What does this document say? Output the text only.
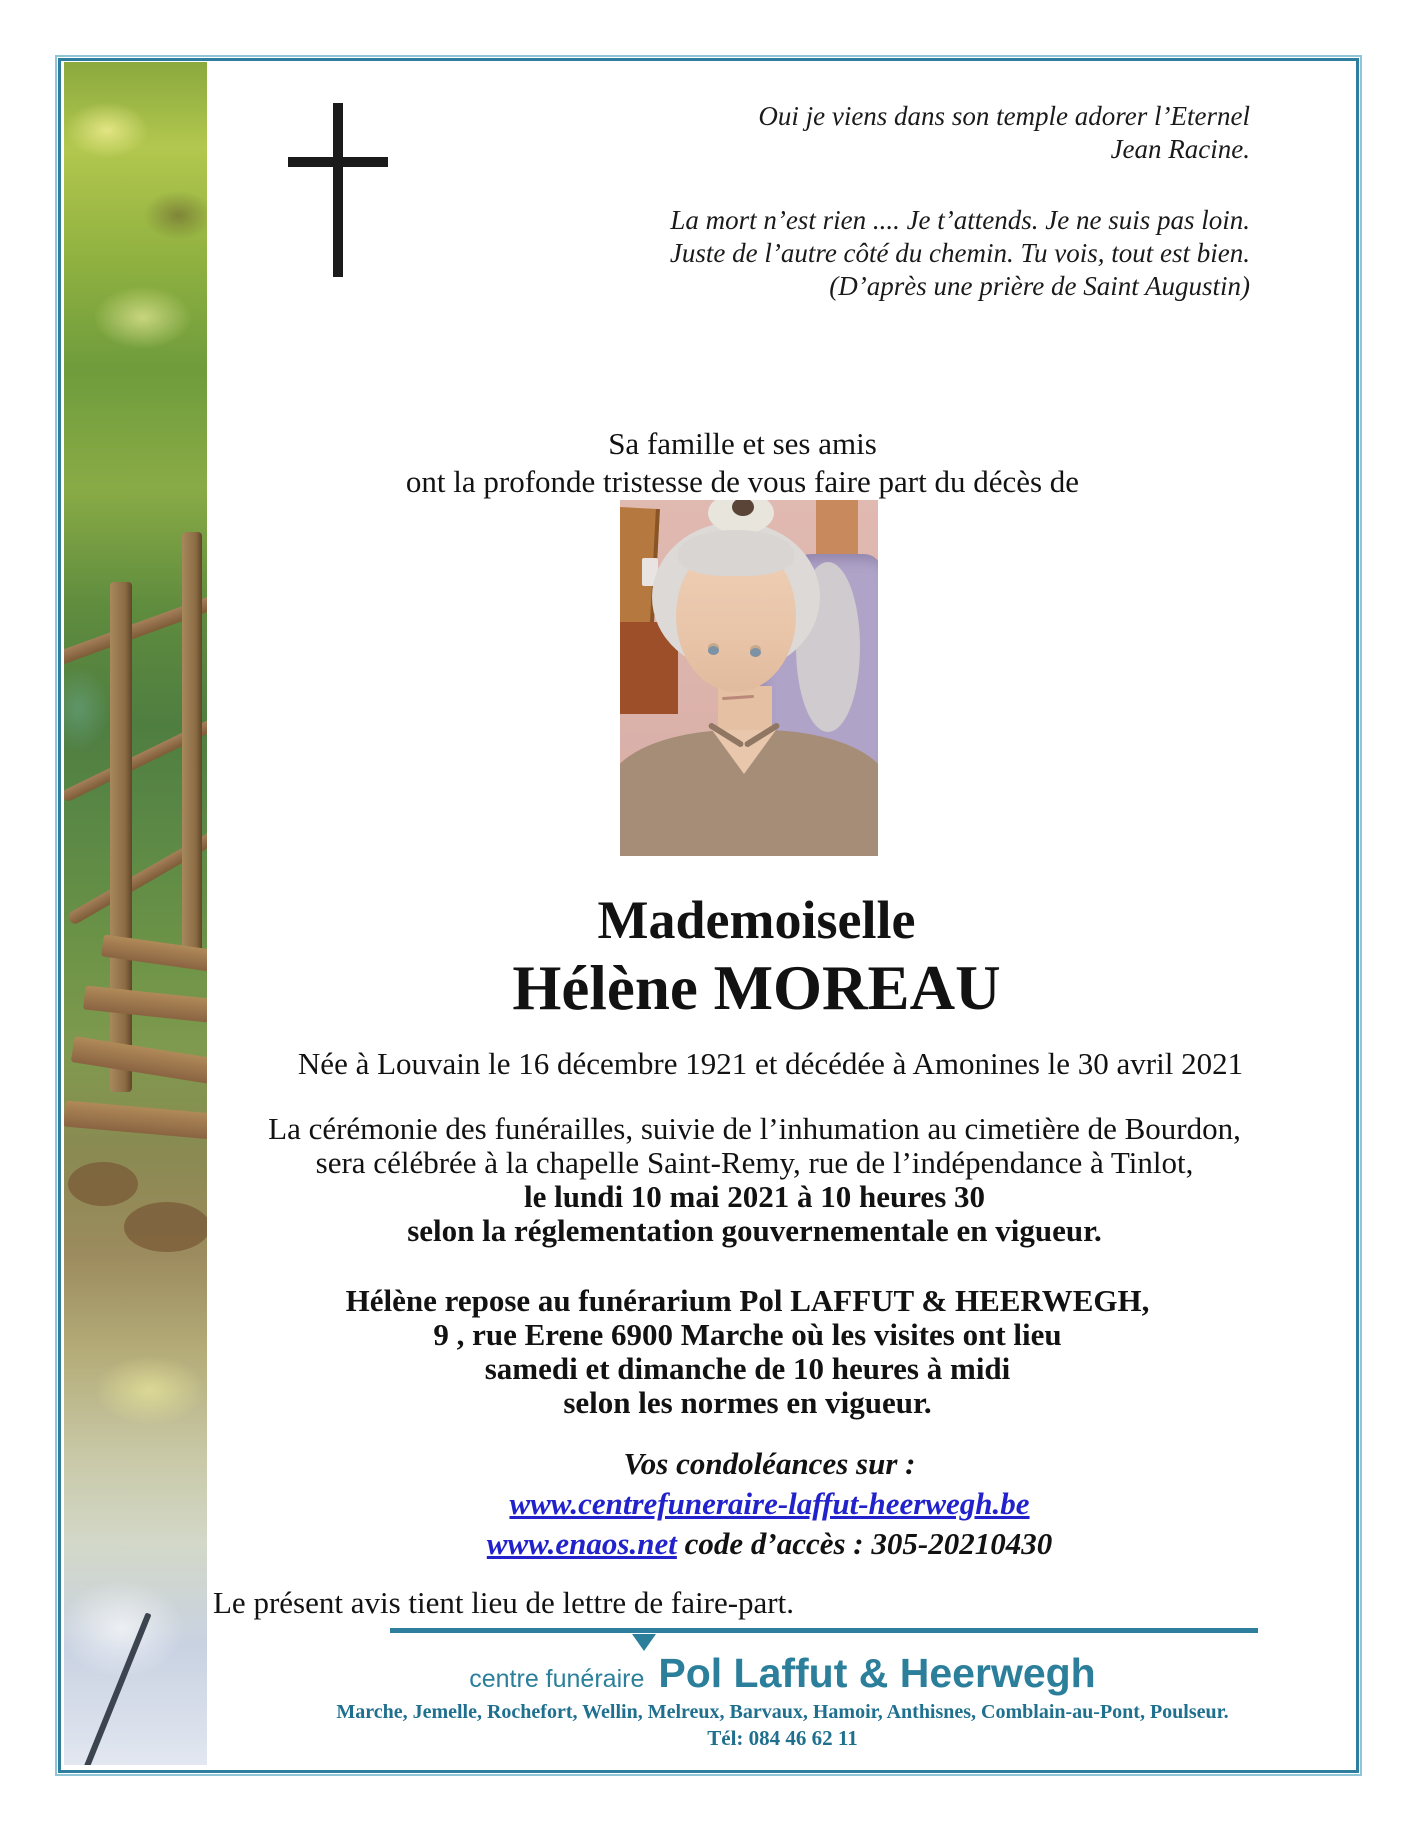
Oui je viens dans son temple adorer l’Eternel
Jean Racine.
La mort n’est rien .... Je t’attends. Je ne suis pas loin.
Juste de l’autre côté du chemin. Tu vois, tout est bien.
(D’après une prière de Saint Augustin)
Sa famille et ses amis
ont la profonde tristesse de vous faire part du décès de
Mademoiselle
Hélène MOREAU
Née à Louvain le 16 décembre 1921 et décédée à Amonines le 30 avril 2021
La cérémonie des funérailles, suivie de l’inhumation au cimetière de Bourdon,
sera célébrée à la chapelle Saint-Remy, rue de l’indépendance à Tinlot,
le lundi 10 mai 2021 à 10 heures 30
selon la réglementation gouvernementale en vigueur.
Hélène repose au funérarium Pol LAFFUT & HEERWEGH,
9 , rue Erene 6900 Marche où les visites ont lieu
samedi et dimanche de 10 heures à midi
selon les normes en vigueur.
Vos condoléances sur :
www.centrefuneraire-laffut-heerwegh.be
www.enaos.net code d’accès : 305-20210430
Le présent avis tient lieu de lettre de faire-part.
centre funéraire Pol Laffut & Heerwegh
Marche, Jemelle, Rochefort, Wellin, Melreux, Barvaux, Hamoir, Anthisnes, Comblain-au-Pont, Poulseur.
Tél: 084 46 62 11
